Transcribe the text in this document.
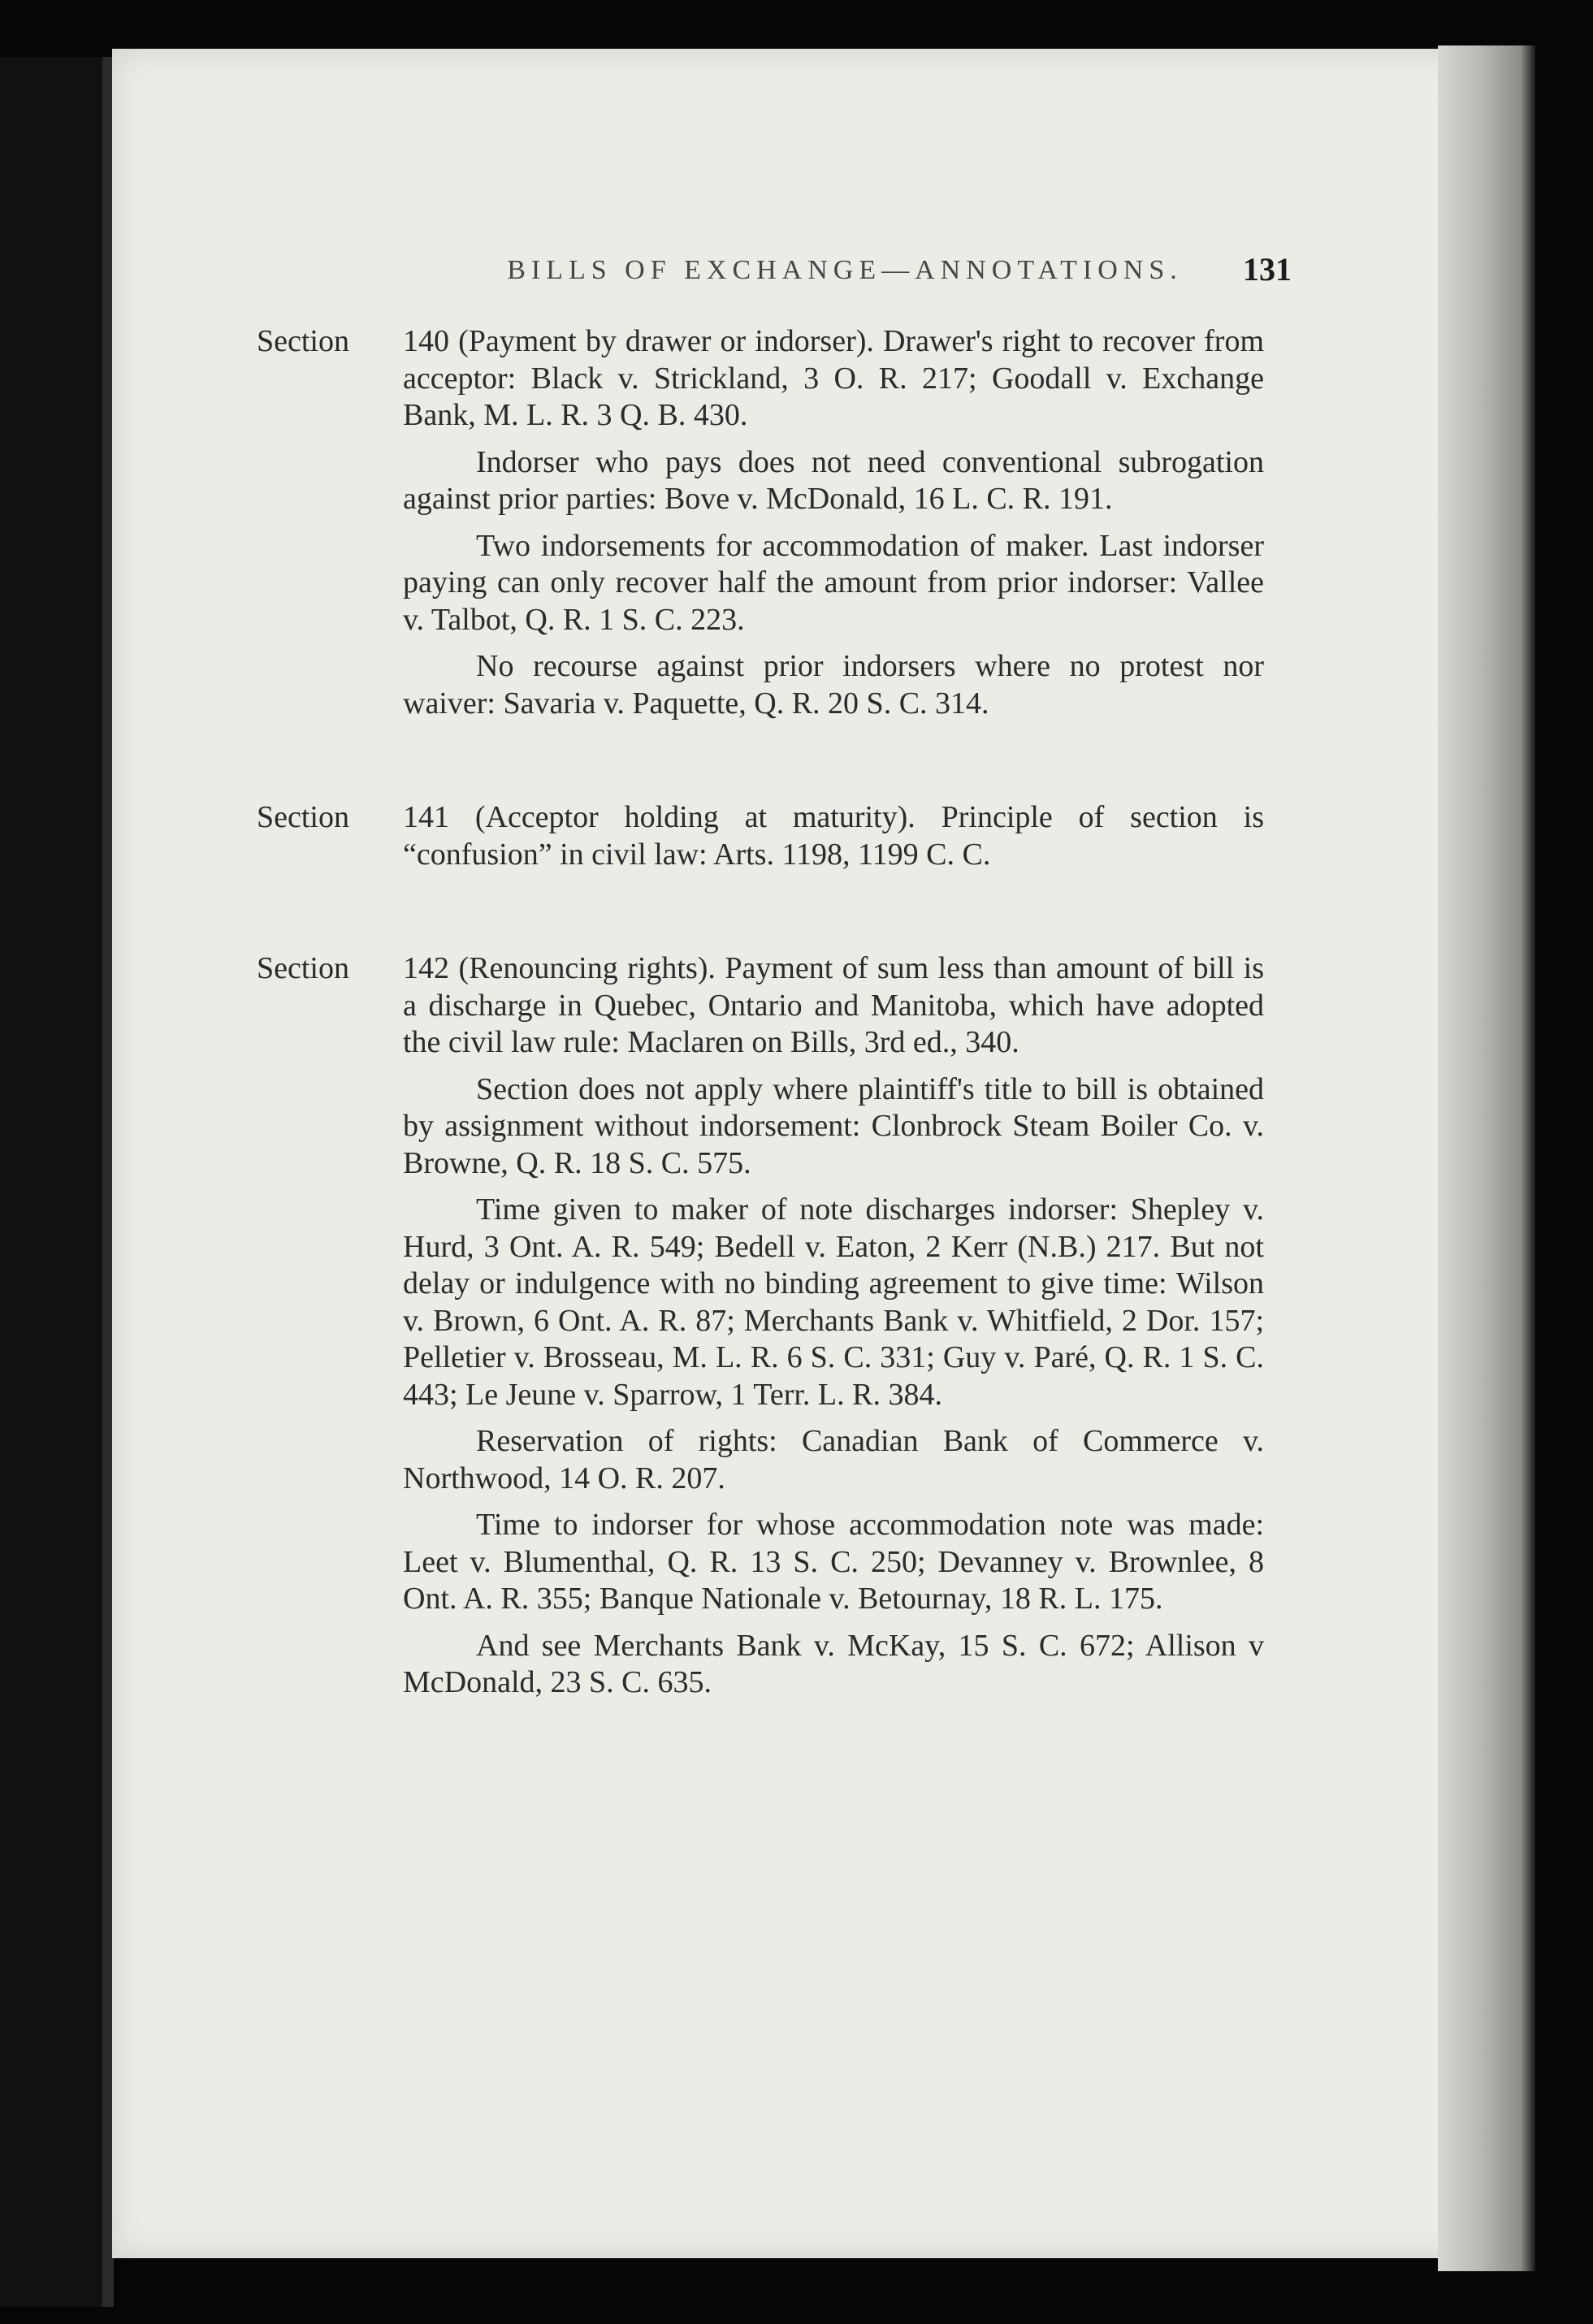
BILLS OF EXCHANGE—ANNOTATIONS.	131
Section	140 (Payment by drawer or indorser). Drawer's right to recover from acceptor: Black v. Strickland, 3 O. R. 217; Goodall v. Exchange Bank, M. L. R. 3 Q. B. 430.
Indorser who pays does not need conventional subrogation against prior parties: Bove v. McDonald, 16 L. C. R. 191.
Two indorsements for accommodation of maker. Last indorser paying can only recover half the amount from prior indorser: Vallee v. Talbot, Q. R. 1 S. C. 223.
No recourse against prior indorsers where no protest nor waiver: Savaria v. Paquette, Q. R. 20 S. C. 314.
Section	141 (Acceptor holding at maturity). Principle of section is “confusion” in civil law: Arts. 1198, 1199 C. C.
Section	142 (Renouncing rights). Payment of sum less than amount of bill is a discharge in Quebec, Ontario and Manitoba, which have adopted the civil law rule: Maclaren on Bills, 3rd ed., 340.
Section does not apply where plaintiff's title to bill is obtained by assignment without indorsement: Clonbrock Steam Boiler Co. v. Browne, Q. R. 18 S. C. 575.
Time given to maker of note discharges indorser: Shepley v. Hurd, 3 Ont. A. R. 549; Bedell v. Eaton, 2 Kerr (N.B.) 217. But not delay or indulgence with no binding agreement to give time: Wilson v. Brown, 6 Ont. A. R. 87; Merchants Bank v. Whitfield, 2 Dor. 157; Pelletier v. Brosseau, M. L. R. 6 S. C. 331; Guy v. Paré, Q. R. 1 S. C. 443; Le Jeune v. Sparrow, 1 Terr. L. R. 384.
Reservation of rights: Canadian Bank of Commerce v. Northwood, 14 O. R. 207.
Time to indorser for whose accommodation note was made: Leet v. Blumenthal, Q. R. 13 S. C. 250; Devanney v. Brownlee, 8 Ont. A. R. 355; Banque Nationale v. Betournay, 18 R. L. 175.
And see Merchants Bank v. McKay, 15 S. C. 672; Allison v McDonald, 23 S. C. 635.
